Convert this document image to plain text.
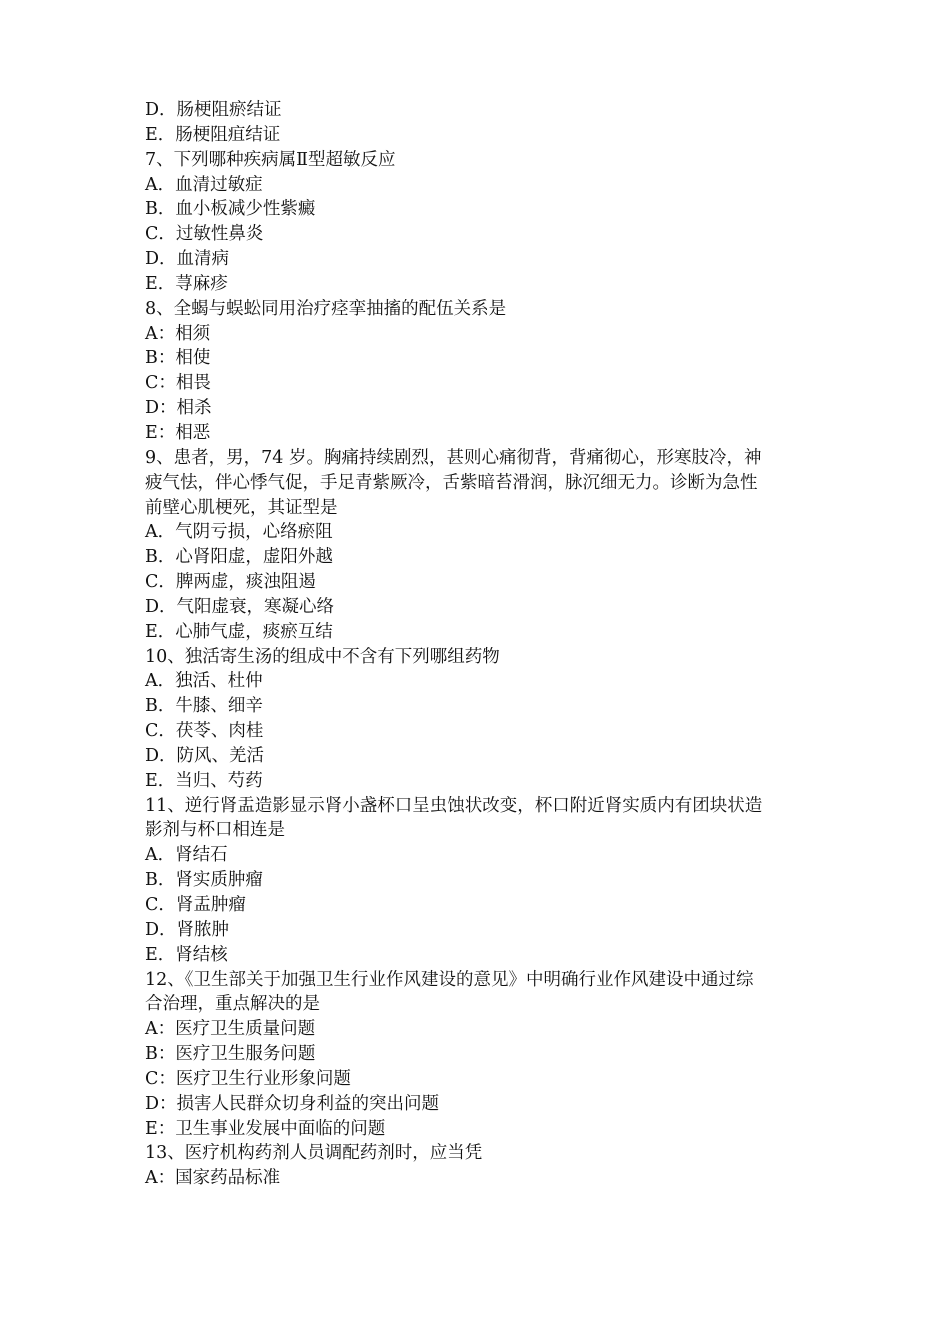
D．肠梗阻瘀结证

E．肠梗阻疽结证

7、下列哪种疾病属Ⅱ型超敏反应

A．血清过敏症

B．血小板减少性紫癜

C．过敏性鼻炎

D．血清病

E．荨麻疹

8、全蝎与蜈蚣同用治疗痉挛抽搐的配伍关系是

A：相须

B：相使

C：相畏

D：相杀

E：相恶

9、患者，男，74 岁。胸痛持续剧烈，甚则心痛彻背，背痛彻心，形寒肢冷，神

疲气怯，伴心悸气促，手足青紫厥冷，舌紫暗苔滑润，脉沉细无力。诊断为急性

前壁心肌梗死，其证型是

A．气阴亏损，心络瘀阻

B．心肾阳虚，虚阳外越

C．脾两虚，痰浊阻遏

D．气阳虚衰，寒凝心络

E．心肺气虚，痰瘀互结

10、独活寄生汤的组成中不含有下列哪组药物

A．独活、杜仲

B．牛膝、细辛

C．茯苓、肉桂

D．防风、羌活

E．当归、芍药

11、逆行肾盂造影显示肾小盏杯口呈虫蚀状改变，杯口附近肾实质内有团块状造

影剂与杯口相连是

A．肾结石

B．肾实质肿瘤

C．肾盂肿瘤

D．肾脓肿

E．肾结核

12、《卫生部关于加强卫生行业作风建设的意见》中明确行业作风建设中通过综

合治理，重点解决的是

A：医疗卫生质量问题

B：医疗卫生服务问题

C：医疗卫生行业形象问题

D：损害人民群众切身利益的突出问题

E：卫生事业发展中面临的问题

13、医疗机构药剂人员调配药剂时，应当凭

A：国家药品标准
